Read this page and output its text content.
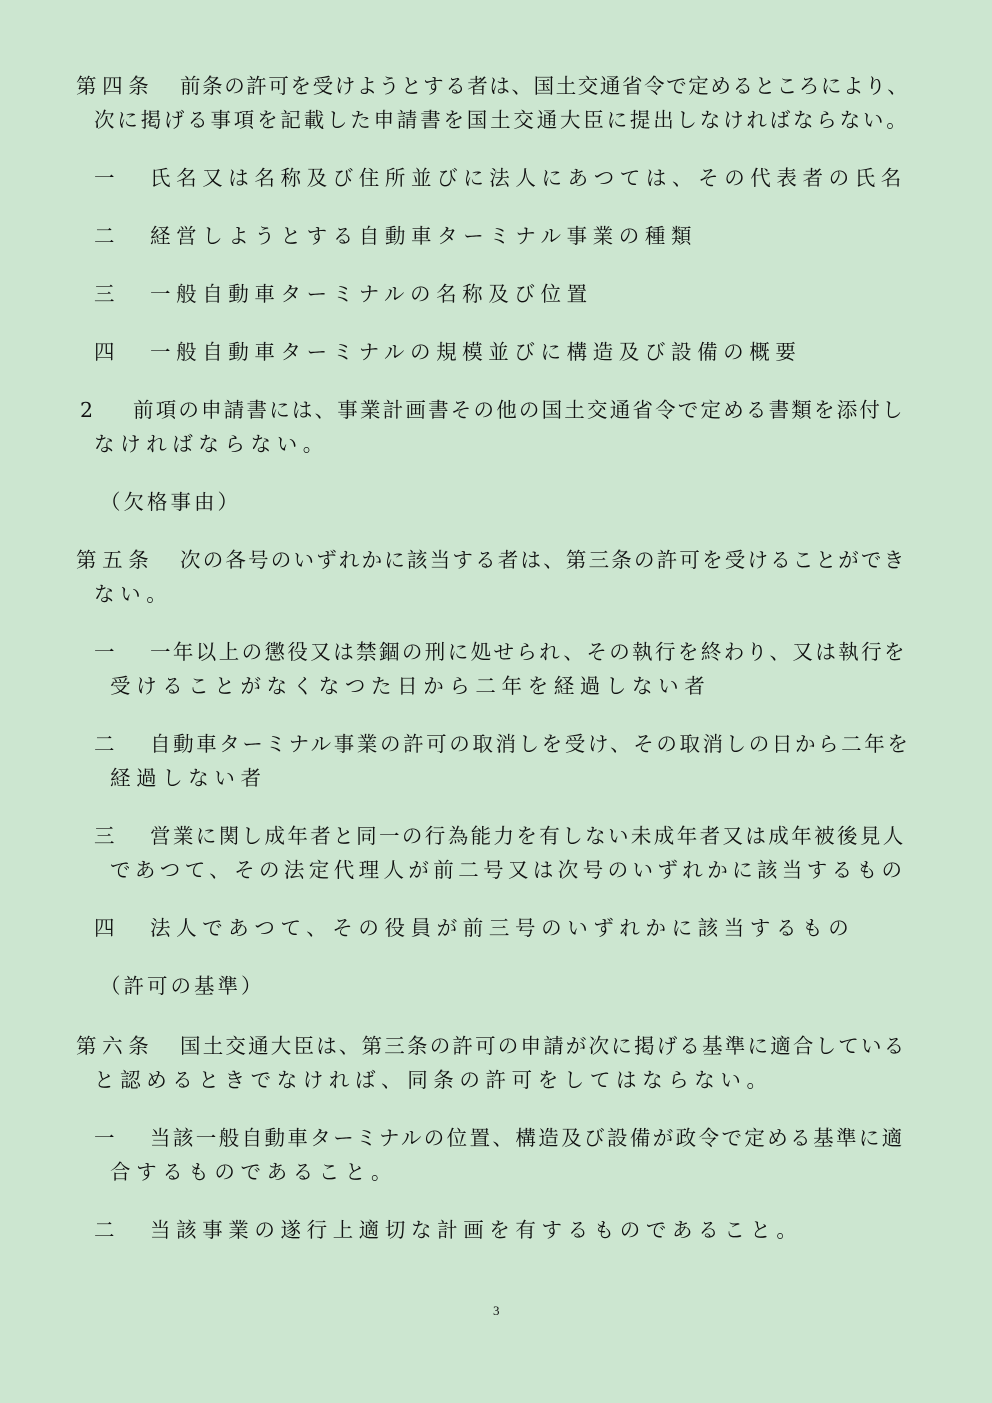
第四条 前条の許可を受けようとする者は、国土交通省令で定めるところにより、
次に掲げる事項を記載した申請書を国土交通大臣に提出しなければならない。
一 氏名又は名称及び住所並びに法人にあつては、その代表者の氏名
二 経営しようとする自動車ターミナル事業の種類
三 一般自動車ターミナルの名称及び位置
四 一般自動車ターミナルの規模並びに構造及び設備の概要
2 前項の申請書には、事業計画書その他の国土交通省令で定める書類を添付し
なければならない。
（欠格事由）
第五条 次の各号のいずれかに該当する者は、第三条の許可を受けることができ
ない。
一 一年以上の懲役又は禁錮の刑に処せられ、その執行を終わり、又は執行を
受けることがなくなつた日から二年を経過しない者
二 自動車ターミナル事業の許可の取消しを受け、その取消しの日から二年を
経過しない者
三 営業に関し成年者と同一の行為能力を有しない未成年者又は成年被後見人
であつて、その法定代理人が前二号又は次号のいずれかに該当するもの
四 法人であつて、その役員が前三号のいずれかに該当するもの
（許可の基準）
第六条 国土交通大臣は、第三条の許可の申請が次に掲げる基準に適合している
と認めるときでなければ、同条の許可をしてはならない。
一 当該一般自動車ターミナルの位置、構造及び設備が政令で定める基準に適
合するものであること。
二 当該事業の遂行上適切な計画を有するものであること。
3
